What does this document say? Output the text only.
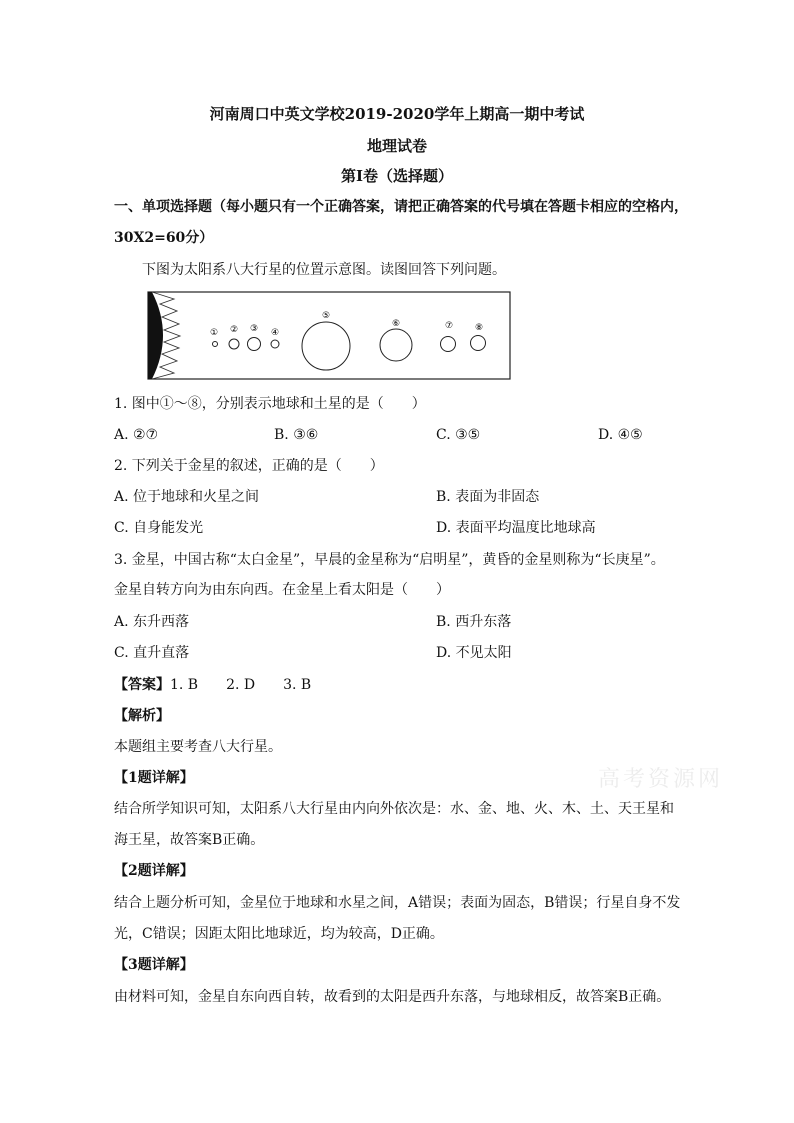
河南周口中英文学校2019-2020学年上期高一期中考试
地理试卷
第Ⅰ卷（选择题）
一、单项选择题（每小题只有一个正确答案，请把正确答案的代号填在答题卡相应的空格内，
30X2=60分）
下图为太阳系八大行星的位置示意图。读图回答下列问题。
① ② ③ ④
⑤
⑥	⑦ ⑧
1. 图中①～⑧，分别表示地球和土星的是（　　）
A. ②⑦	B. ③⑥	C. ③⑤	D. ④⑤
2. 下列关于金星的叙述，正确的是（　　）
A. 位于地球和火星之间	B. 表面为非固态
C. 自身能发光	D. 表面平均温度比地球高
3. 金星，中国古称“太白金星”，早晨的金星称为“启明星”，黄昏的金星则称为“长庚星”。
金星自转方向为由东向西。在金星上看太阳是（　　）
A. 东升西落	B. 西升东落
C. 直升直落	D. 不见太阳
【答案】1. B　　2. D　　3. B
【解析】
本题组主要考查八大行星。
【1题详解】
结合所学知识可知，太阳系八大行星由内向外依次是：水、金、地、火、木、土、天王星和
海王星，故答案B正确。
【2题详解】
结合上题分析可知，金星位于地球和水星之间，A错误；表面为固态，B错误；行星自身不发
光，C错误；因距太阳比地球近，均为较高，D正确。
【3题详解】
由材料可知，金星自东向西自转，故看到的太阳是西升东落，与地球相反，故答案B正确。
高考资源网
